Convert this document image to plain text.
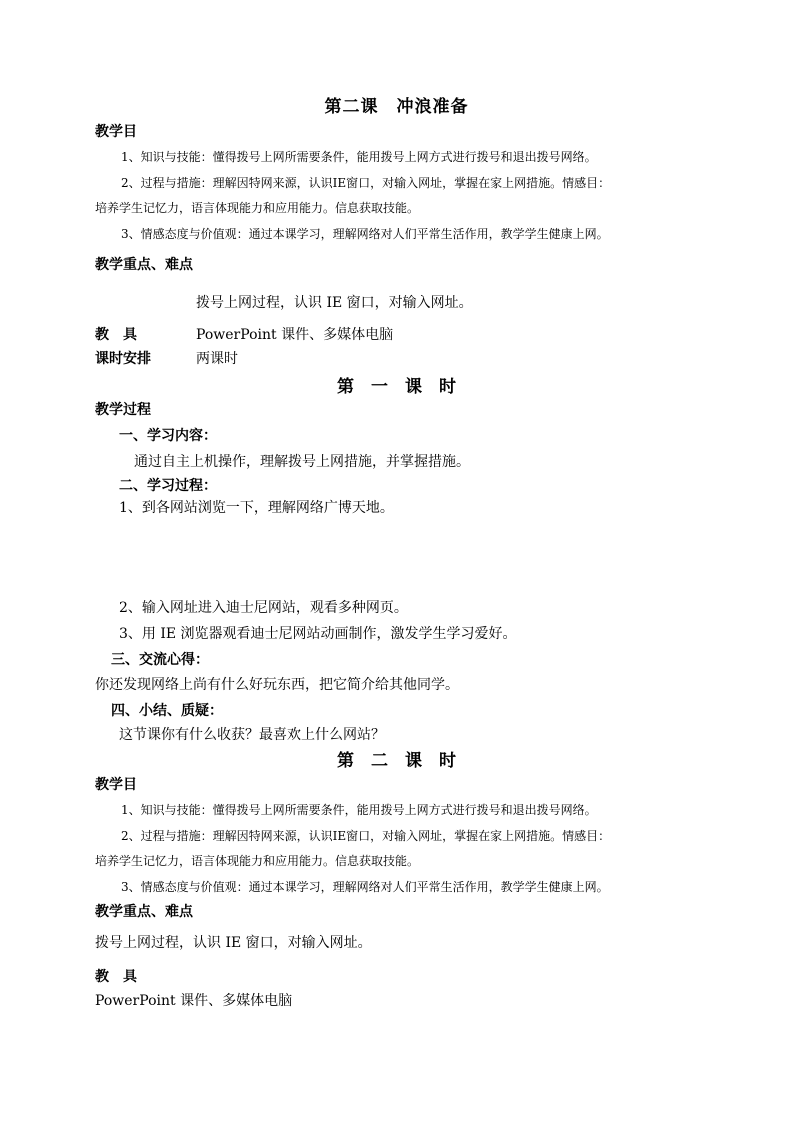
第二课　冲浪准备
教学目
1、知识与技能：懂得拨号上网所需要条件，能用拨号上网方式进行拨号和退出拨号网络。
2、过程与措施：理解因特网来源，认识IE窗口，对输入网址，掌握在家上网措施。情感目：
培养学生记忆力，语言体现能力和应用能力。信息获取技能。
3、情感态度与价值观：通过本课学习，理解网络对人们平常生活作用，教学学生健康上网。
教学重点、难点
拨号上网过程，认识 IE 窗口，对输入网址。
教　具	PowerPoint 课件、多媒体电脑
课时安排	两课时
第　一　课　时
教学过程
一、学习内容：
通过自主上机操作，理解拨号上网措施，并掌握措施。
二、学习过程：
1、到各网站浏览一下，理解网络广博天地。
2、输入网址进入迪士尼网站，观看多种网页。
3、用 IE 浏览器观看迪士尼网站动画制作，激发学生学习爱好。
三、交流心得：
你还发现网络上尚有什么好玩东西，把它简介给其他同学。
四、小结、质疑：
这节课你有什么收获？最喜欢上什么网站？
第　二　课　时
教学目
1、知识与技能：懂得拨号上网所需要条件，能用拨号上网方式进行拨号和退出拨号网络。
2、过程与措施：理解因特网来源，认识IE窗口，对输入网址，掌握在家上网措施。情感目：
培养学生记忆力，语言体现能力和应用能力。信息获取技能。
3、情感态度与价值观：通过本课学习，理解网络对人们平常生活作用，教学学生健康上网。
教学重点、难点
拨号上网过程，认识 IE 窗口，对输入网址。
教　具
PowerPoint 课件、多媒体电脑
